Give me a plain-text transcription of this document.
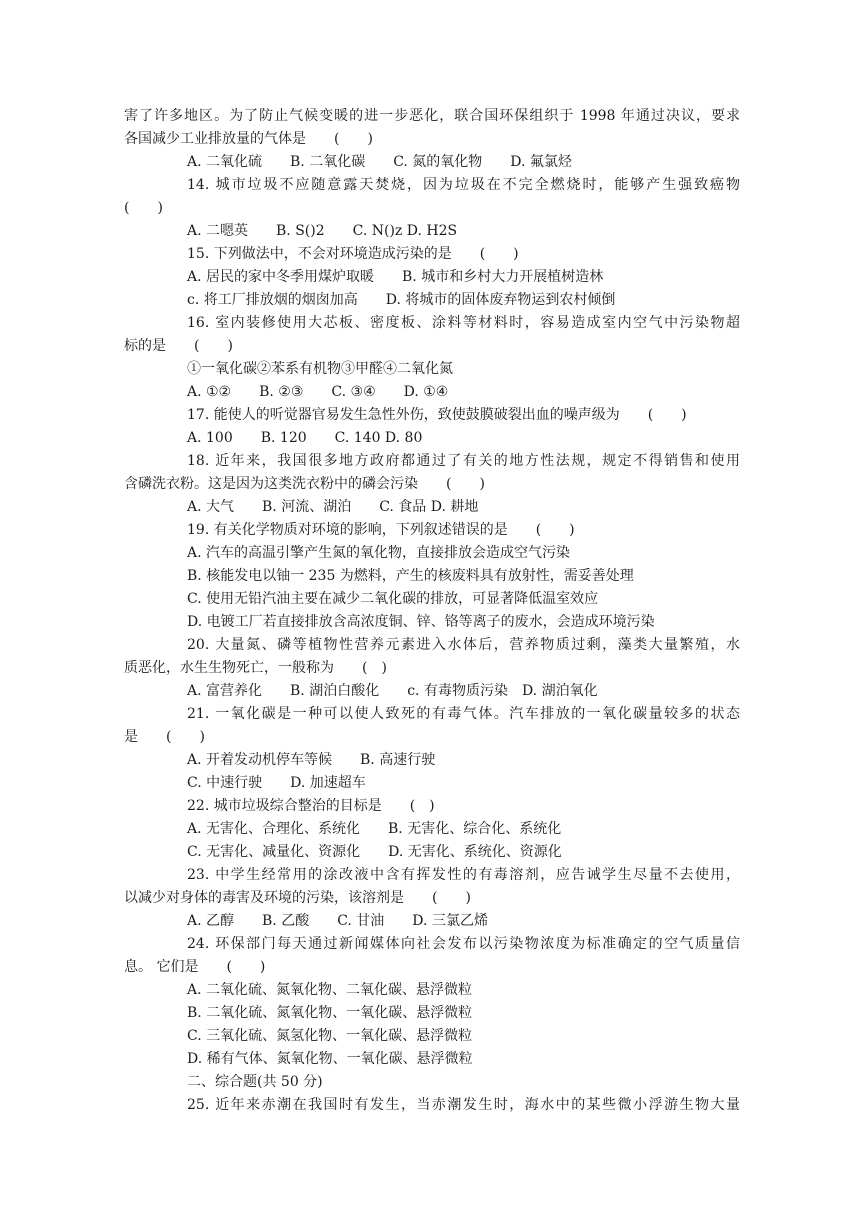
害了许多地区。为了防止气候变暖的进一步恶化，联合国环保组织于 1998 年通过决议，要求
各国减少工业排放量的气体是　　(　　)
A. 二氧化硫　　B. 二氧化碳　　C. 氮的氧化物　　D. 氟氯烃
14. 城市垃圾不应随意露天焚烧，因为垃圾在不完全燃烧时，能够产生强致癌物
(　　)
A. 二嗯英　　B. S()2　　C. N()z D. H2S
15. 下列做法中，不会对环境造成污染的是　　(　　)
A. 居民的家中冬季用煤炉取暖　　B. 城市和乡村大力开展植树造林
c. 将工厂排放烟的烟囱加高　　D. 将城市的固体废弃物运到农村倾倒
16. 室内装修使用大芯板、密度板、涂料等材料时，容易造成室内空气中污染物超
标的是　　(　　)
①一氧化碳②苯系有机物③甲醛④二氧化氮
A. ①②　　B. ②③　　C. ③④　　D. ①④
17. 能使人的听觉器官易发生急性外伤，致使鼓膜破裂出血的噪声级为　　(　　)
A. 100　　B. 120　　C. 140 D. 80
18. 近年来，我国很多地方政府都通过了有关的地方性法规，规定不得销售和使用
含磷洗衣粉。这是因为这类洗衣粉中的磷会污染　　(　　)
A. 大气　　B. 河流、湖泊　　C. 食品 D. 耕地
19. 有关化学物质对环境的影响，下列叙述错误的是　　(　　)
A. 汽车的高温引擎产生氮的氧化物，直接排放会造成空气污染
B. 核能发电以铀一 235 为燃料，产生的核废料具有放射性，需妥善处理
C. 使用无铅汽油主要在减少二氧化碳的排放，可显著降低温室效应
D. 电镀工厂若直接排放含高浓度铜、锌、铬等离子的废水，会造成环境污染
20. 大量氮、磷等植物性营养元素进入水体后，营养物质过剩，藻类大量繁殖，水
质恶化，水生生物死亡，一般称为　　(　)
A. 富营养化　　B. 湖泊白酸化　　c. 有毒物质污染　D. 湖泊氧化
21. 一氧化碳是一种可以使人致死的有毒气体。汽车排放的一氧化碳量较多的状态
是　　(　　)
A. 开着发动机停车等候　　B. 高速行驶
C. 中速行驶　　D. 加速超车
22. 城市垃圾综合整治的目标是　　(　)
A. 无害化、合理化、系统化　　B. 无害化、综合化、系统化
C. 无害化、减量化、资源化　　D. 无害化、系统化、资源化
23. 中学生经常用的涂改液中含有挥发性的有毒溶剂，应告诫学生尽量不去使用，
以减少对身体的毒害及环境的污染，该溶剂是　　(　　)
A. 乙醇　　B. 乙酸　　C. 甘油　　D. 三氯乙烯
24. 环保部门每天通过新闻媒体向社会发布以污染物浓度为标准确定的空气质量信
息。 它们是　　(　　)
A. 二氧化硫、氮氧化物、二氧化碳、悬浮微粒
B. 二氧化硫、氮氧化物、一氧化碳、悬浮微粒
C. 三氧化硫、氮氢化物、一氧化碳、悬浮微粒
D. 稀有气体、氮氧化物、一氧化碳、悬浮微粒
二、综合题(共 50 分)
25. 近年来赤潮在我国时有发生，当赤潮发生时，海水中的某些微小浮游生物大量
